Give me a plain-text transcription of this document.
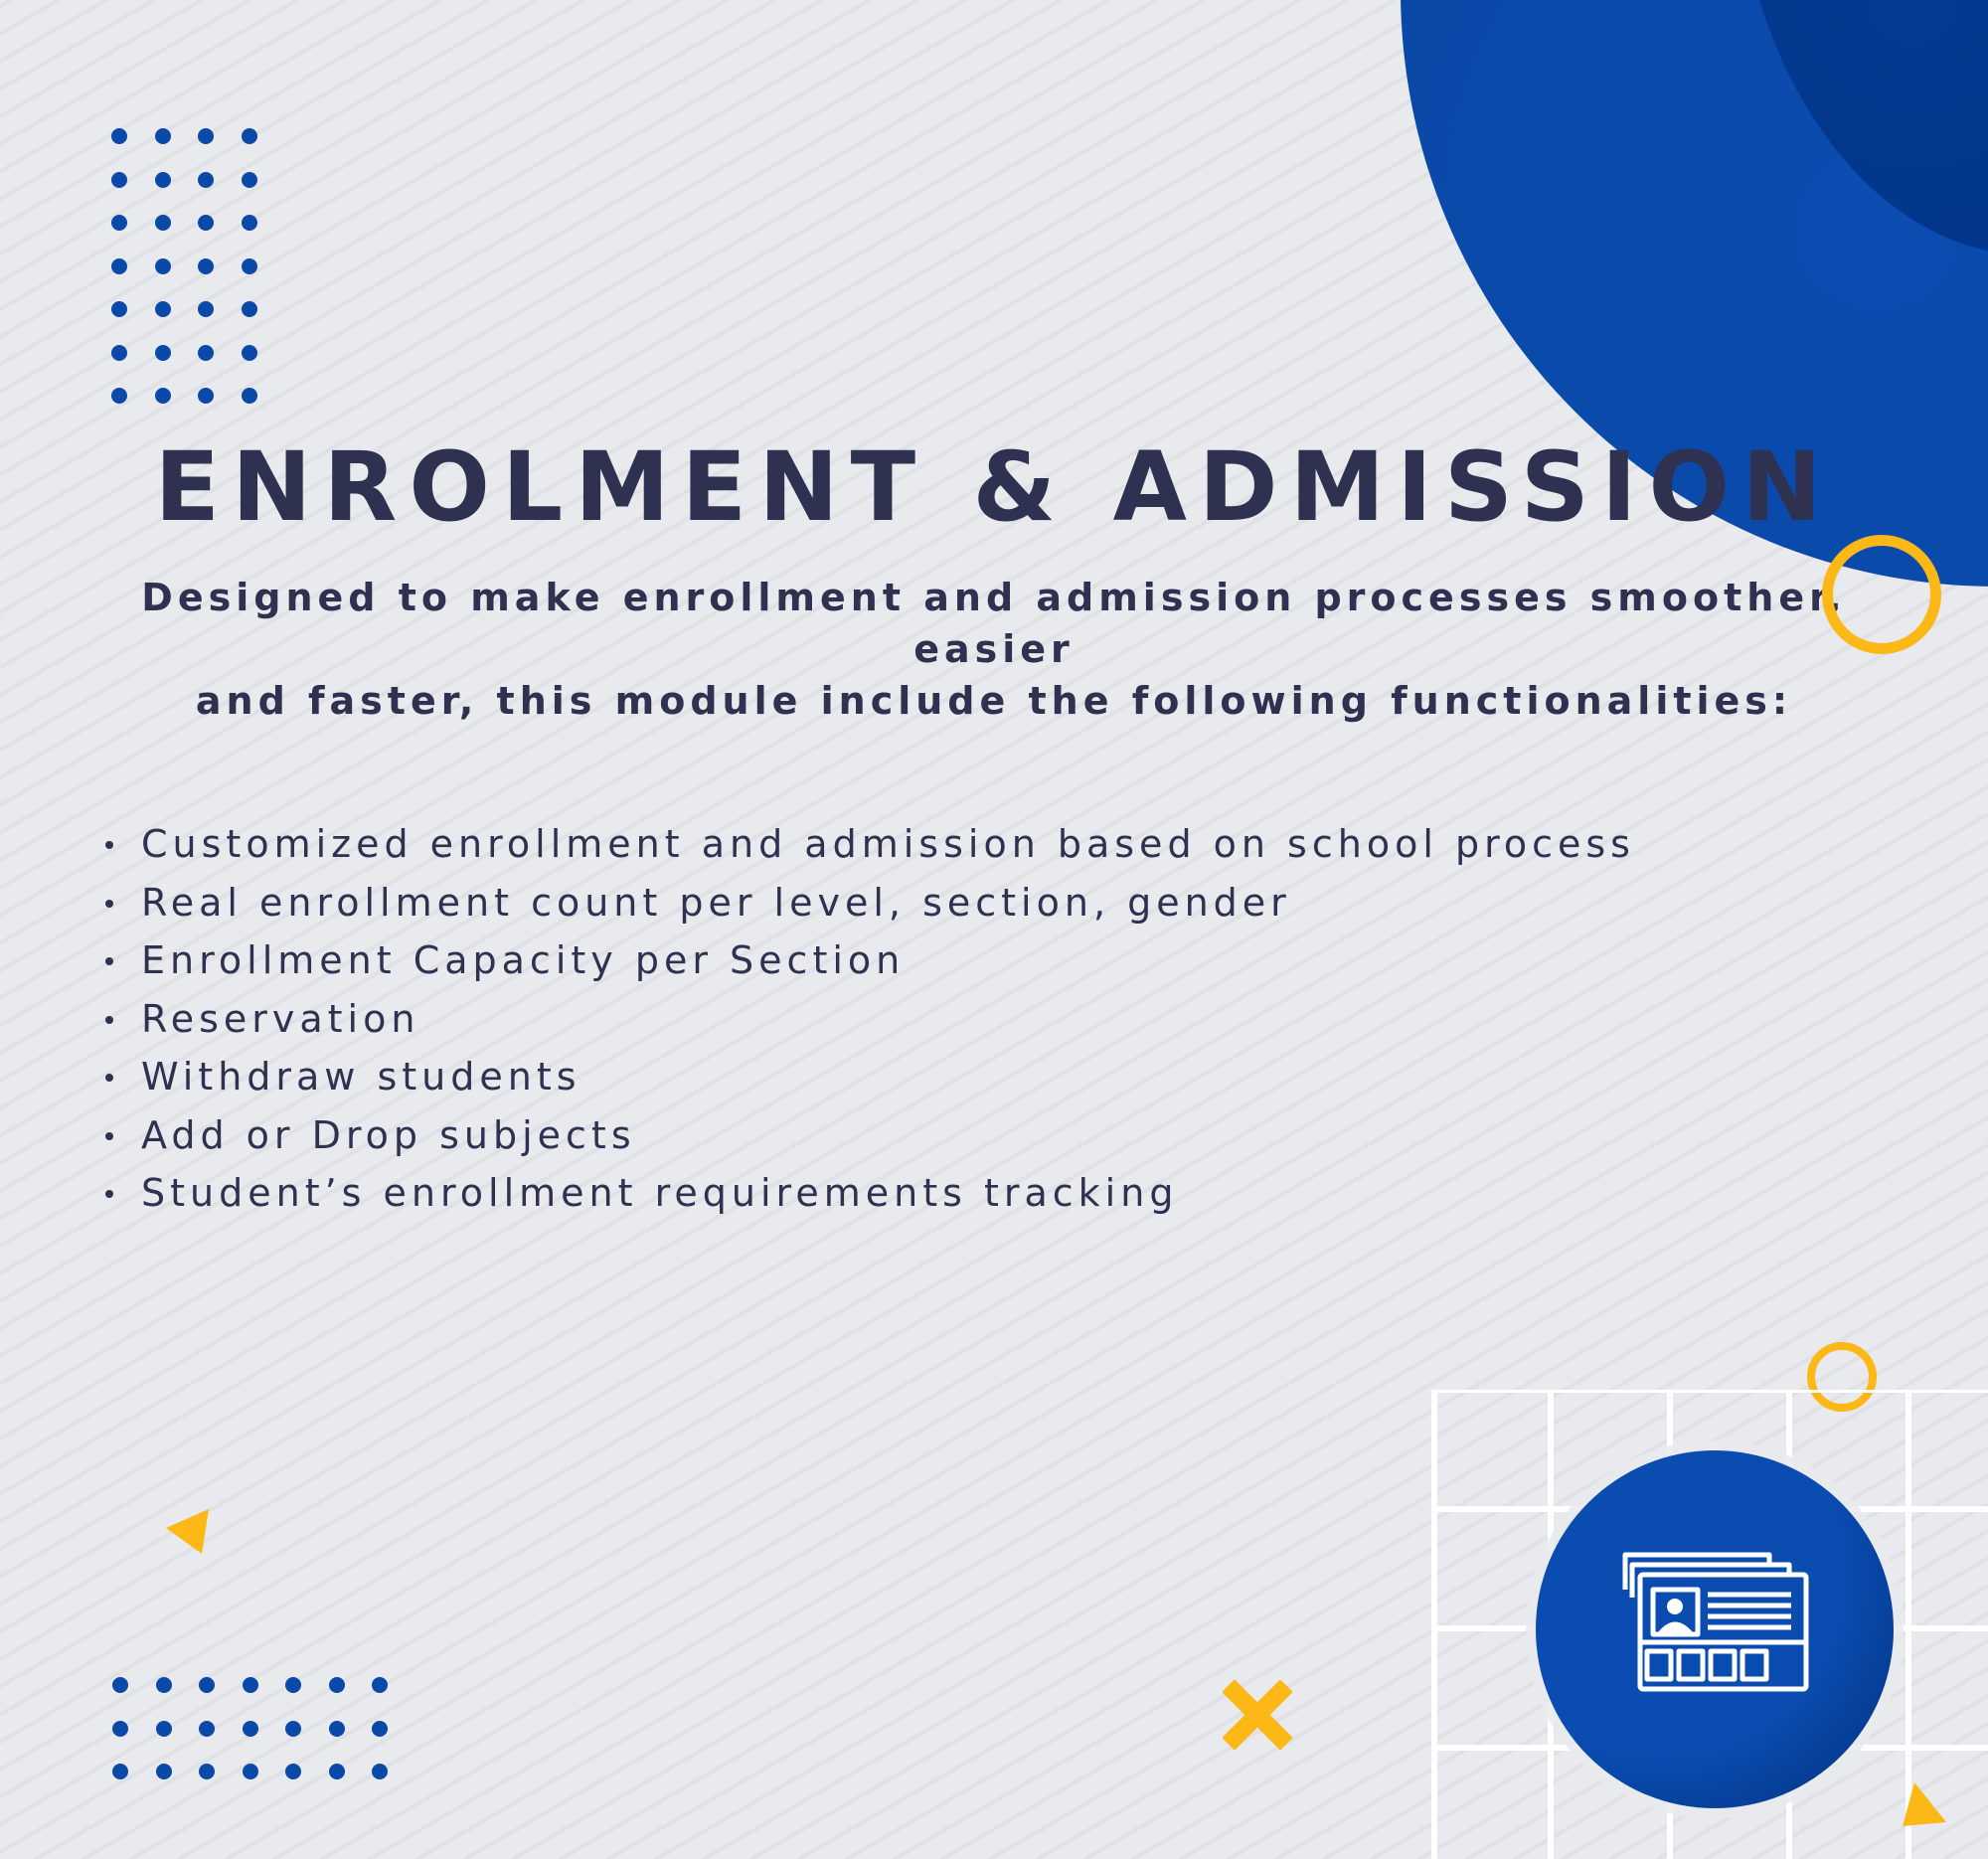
ENROLMENT & ADMISSION

Designed to make enrollment and admission processes smoother, easier
and faster, this module include the following functionalities:

Customized enrollment and admission based on school process
Real enrollment count per level, section, gender
Enrollment Capacity per Section
Reservation
Withdraw students
Add or Drop subjects
Student’s enrollment requirements tracking
